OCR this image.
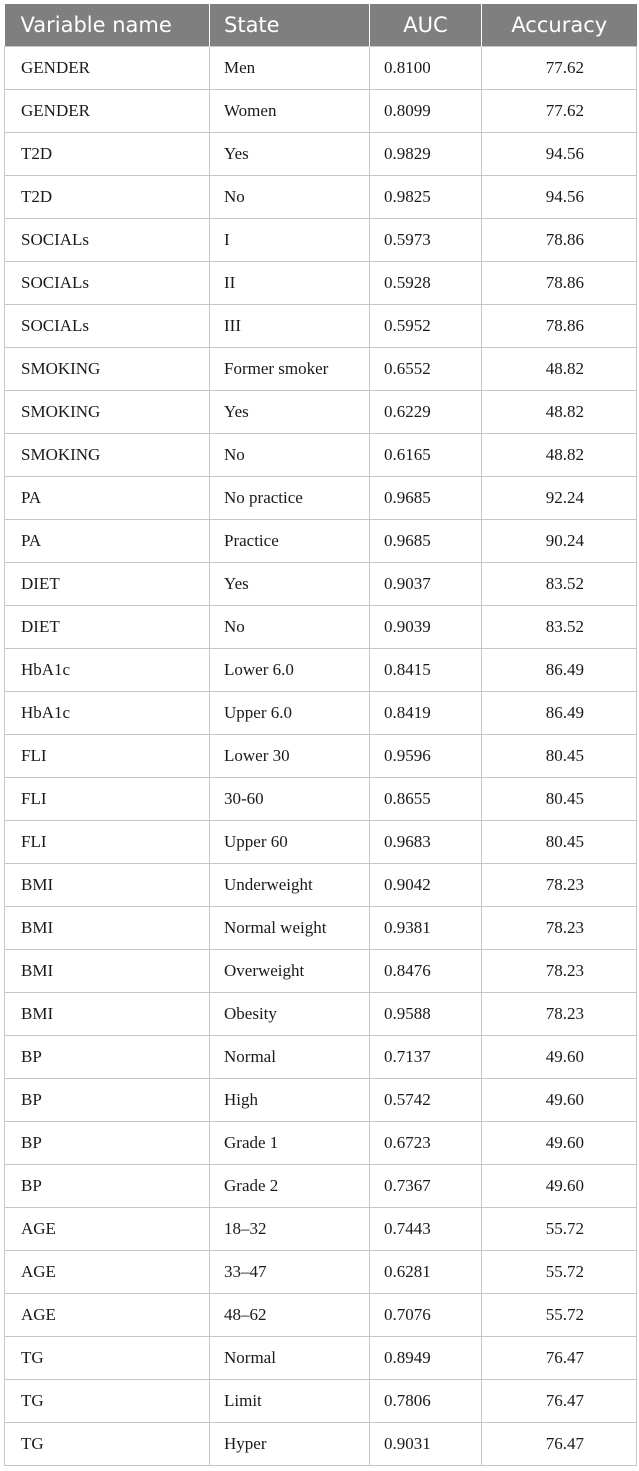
Variable name	State	AUC	Accuracy
GENDER	Men	0.8100	77.62
GENDER	Women	0.8099	77.62
T2D	Yes	0.9829	94.56
T2D	No	0.9825	94.56
SOCIALs	I	0.5973	78.86
SOCIALs	II	0.5928	78.86
SOCIALs	III	0.5952	78.86
SMOKING	Former smoker	0.6552	48.82
SMOKING	Yes	0.6229	48.82
SMOKING	No	0.6165	48.82
PA	No practice	0.9685	92.24
PA	Practice	0.9685	90.24
DIET	Yes	0.9037	83.52
DIET	No	0.9039	83.52
HbA1c	Lower 6.0	0.8415	86.49
HbA1c	Upper 6.0	0.8419	86.49
FLI	Lower 30	0.9596	80.45
FLI	30-60	0.8655	80.45
FLI	Upper 60	0.9683	80.45
BMI	Underweight	0.9042	78.23
BMI	Normal weight	0.9381	78.23
BMI	Overweight	0.8476	78.23
BMI	Obesity	0.9588	78.23
BP	Normal	0.7137	49.60
BP	High	0.5742	49.60
BP	Grade 1	0.6723	49.60
BP	Grade 2	0.7367	49.60
AGE	18–32	0.7443	55.72
AGE	33–47	0.6281	55.72
AGE	48–62	0.7076	55.72
TG	Normal	0.8949	76.47
TG	Limit	0.7806	76.47
TG	Hyper	0.9031	76.47
